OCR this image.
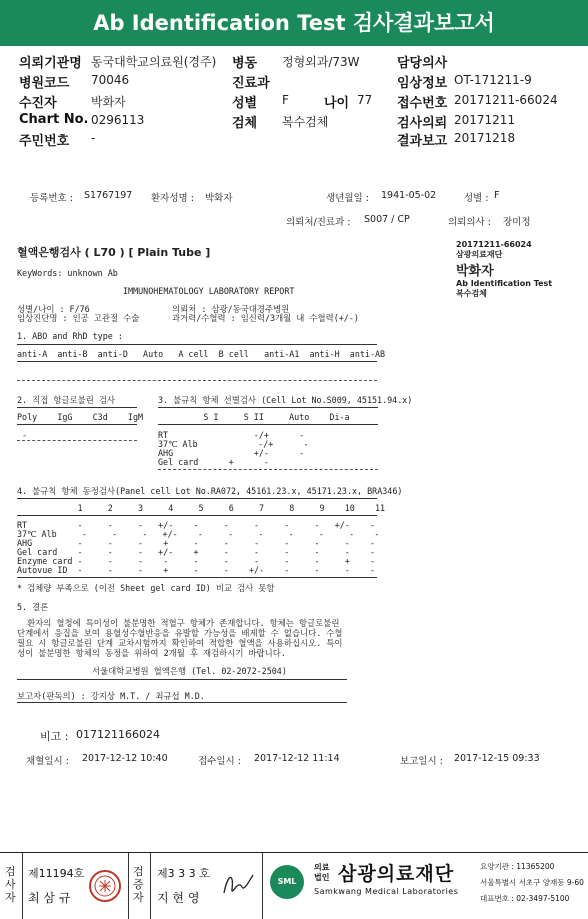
Ab Identification Test 검사결과보고서
의뢰기관명 동국대학교의료원(경주)
병원코드 70046
수진자	박화자
Chart No. 0296113
주민번호 -
병동 정형외과/73W
진료과
성별 F	나이 77
검체 복수검체
담당의사
임상정보 OT-171211-9
접수번호 20171211-66024
검사의뢰 20171211
결과보고 20171218
등록번호 : S1767197 환자성명 : 박화자	생년월일 : 1941-05-02	성별 : F
의뢰처/진료과 : S007 / CP	의뢰의사 : 장미정
혈액은행검사 ( L70 ) [ Plain Tube ]
KeyWords: unknown Ab
IMMUNOHEMATOLOGY LABORATORY REPORT
성별/나이 : F/76
임상진단명 : 인공 고관절 수술
의뢰처 : 삼광/동국대경주병원
과거력/수혈력 : 임신력/3개월 내 수혈력(+/-)
1. ABO and RhD type :
anti-A  anti-B  anti-D   Auto   A cell  B cell   anti-A1  anti-H  anti-AB
2. 직접 항글로불린 검사	3. 불규칙 항체 선별검사 (Cell Lot No.S009, 45151.94.x)
Poly    IgG    C3d    IgM S I     S II     Auto    Di-a
-	RT                 -/+      -
37℃ Alb            -/+      -
AHG                +/-      -
Gel card      +      -
4. 불규칙 항체 동정검사(Panel cell Lot No.RA072, 45161.23.x, 45171.23.x, BRA346)
1     2     3     4     5     6     7     8     9    10    11
RT          -     -     -   +/-    -     -     -     -     -   +/-    -
37℃ Alb     -     -     -   +/-    -     -     -     -     -     -    -
AHG         -     -     -    +     -     -     -     -     -     -    -
Gel card    -     -     -   +/-    +     -     -     -     -     -    -
Enzyme card -     -     -    -     -     -     -     -     -     +    -
Autovue ID  -     -     -    +     -     -    +/-    -     -     -    -
* 검체량 부족으로 (이전 Sheet gel card ID) 비교 검사 못함
5. 결론
환자의 혈청에 특이성이 불분명한 적혈구 항체가 존재합니다. 항체는 항글로불린
단계에서 응집을 보여 용혈성수혈반응을 유발할 가능성을 배제할 수 없습니다. 수혈
필요 시 항글로불린 단계 교차시험까지 확인하여 적합한 혈액을 사용하십시오. 특이
성이 불분명한 항체의 동정을 위하여 2개월 후 재검하시기 바랍니다.
서울대학교병원 혈액은행 (Tel. 02-2072-2504)
보고자(판독의) : 강지상 M.T. / 최규섭 M.D.
비고 : 017121166024
채혈일시 : 2017-12-12 10:40	접수일시 : 2017-12-12 11:14	보고일시 : 2017-12-15 09:33
20171211-66024
삼광의료재단
박화자
Ab Identification Test
복수검체
검사자
제11194호
최 삼 규
검증자
제3 3 3 호
지 현 영
SML
의료법인 삼광의료재단
Samkwang Medical Laboratories
요양기관 : 11365200
서울특별시 서초구 양재동 9-60
대표번호 : 02-3497-5100
